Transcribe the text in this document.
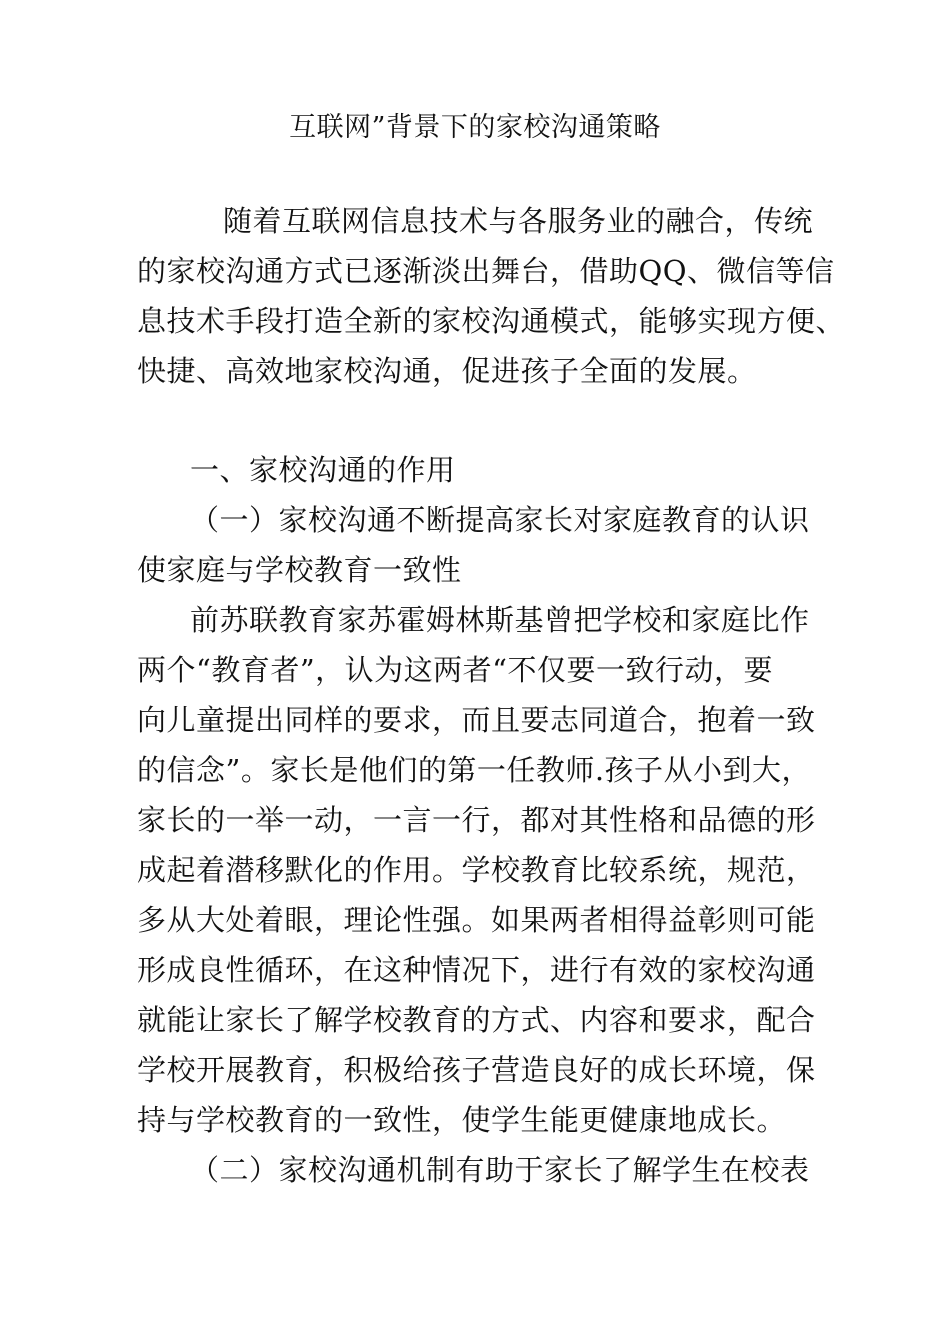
互联网”背景下的家校沟通策略

随着互联网信息技术与各服务业的融合，传统

的家校沟通方式已逐渐淡出舞台，借助QQ、微信等信

息技术手段打造全新的家校沟通模式，能够实现方便、

快捷、高效地家校沟通，促进孩子全面的发展。

一、家校沟通的作用

（一）家校沟通不断提高家长对家庭教育的认识

使家庭与学校教育一致性

前苏联教育家苏霍姆林斯基曾把学校和家庭比作

两个“教育者”，认为这两者“不仅要一致行动，要

向儿童提出同样的要求，而且要志同道合，抱着一致

的信念”。家长是他们的第一任教师.孩子从小到大，

家长的一举一动，一言一行，都对其性格和品德的形

成起着潜移默化的作用。学校教育比较系统，规范，

多从大处着眼，理论性强。如果两者相得益彰则可能

形成良性循环，在这种情况下，进行有效的家校沟通

就能让家长了解学校教育的方式、内容和要求，配合

学校开展教育，积极给孩子营造良好的成长环境，保

持与学校教育的一致性，使学生能更健康地成长。

（二）家校沟通机制有助于家长了解学生在校表
